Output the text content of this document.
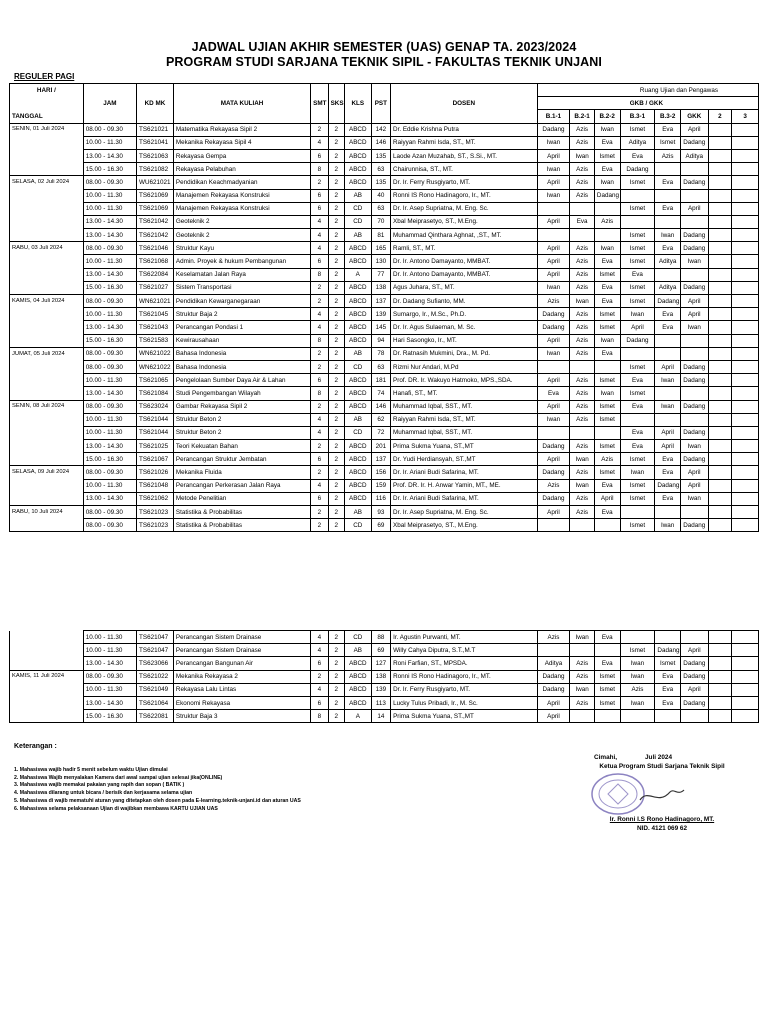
JADWAL UJIAN AKHIR SEMESTER (UAS) GENAP TA. 2023/2024
PROGRAM STUDI SARJANA TEKNIK SIPIL - FAKULTAS TEKNIK UNJANI
REGULER PAGI
HARI /	JAM	KD MK	MATA KULIAH	SMT	SKS	KLS	PST	DOSEN	Ruang Ujian dan Pengawas							
									GKB / GKK							
TANGGAL									B.1-1	B.2-1	B.2-2	B.3-1	B.3-2	GKK	2	3
SENIN, 01 Juli 2024	08.00 - 09.30	TS621021	Matematika Rekayasa Sipil 2	2	2	ABCD	142	Dr. Eddie Krishna Putra	Dadang	Azis	Iwan	Ismet	Eva	April		
	10.00 - 11.30	TS621041	Mekanika Rekayasa Sipil 4	4	2	ABCD	146	Raiyyan Rahmi Isda, ST., MT.	Iwan	Azis	Eva	Aditya	Ismet	Dadang		
	13.00 - 14.30	TS621063	Rekayasa Gempa	6	2	ABCD	135	Laode Azan Muzahab, ST., S.Si., MT.	April	Iwan	Ismet	Eva	Azis	Aditya		
	15.00 - 16.30	TS621082	Rekayasa Pelabuhan	8	2	ABCD	63	Chairunnisa, ST., MT.	Iwan	Azis	Eva	Dadang				
SELASA, 02 Juli 2024	08.00 - 09.30	WU621021	Pendidikan Keachmadyanian	2	2	ABCD	135	Dr. Ir. Ferry Rusgiyarto, MT.	April	Azis	Iwan	Ismet	Eva	Dadang		
	10.00 - 11.30	TS621069	Manajemen Rekayasa Konstruksi	6	2	AB	40	Ronni IS Rono Hadinagoro, Ir., MT.	Iwan	Azis	Dadang					
	10.00 - 11.30	TS621069	Manajemen Rekayasa Konstruksi	6	2	CD	63	Dr. Ir. Asep Supriatna, M. Eng. Sc.				Ismet	Eva	April		
	13.00 - 14.30	TS621042	Geoteknik 2	4	2	CD	70	Xbal Meiprasetyo, ST., M.Eng.	April	Eva	Azis					
	13.00 - 14.30	TS621042	Geoteknik 2	4	2	AB	81	Muhammad Qinthara Aghnat, ,ST., MT.				Ismet	Iwan	Dadang		
RABU, 03 Juli 2024	08.00 - 09.30	TS621046	Struktur Kayu	4	2	ABCD	165	Ramli, ST., MT.	April	Azis	Iwan	Ismet	Eva	Dadang		
	10.00 - 11.30	TS621068	Admin. Proyek & hukum Pembangunan	6	2	ABCD	130	Dr. Ir. Antono Damayanto, MMBAT.	April	Azis	Eva	Ismet	Aditya	Iwan		
	13.00 - 14.30	TS622084	Keselamatan Jalan Raya	8	2	A	77	Dr. Ir. Antono Damayanto, MMBAT.	April	Azis	Ismet	Eva				
	15.00 - 16.30	TS621027	Sistem Transportasi	2	2	ABCD	138	Agus Juhara, ST., MT.	Iwan	Azis	Eva	Ismet	Aditya	Dadang		
KAMIS, 04 Juli 2024	08.00 - 09.30	WN621021	Pendidikan Kewarganegaraan	2	2	ABCD	137	Dr. Dadang Sufianto, MM.	Azis	Iwan	Eva	Ismet	Dadang	April		
	10.00 - 11.30	TS621045	Struktur Baja 2	4	2	ABCD	139	Sumargo, Ir., M.Sc., Ph.D.	Dadang	Azis	Ismet	Iwan	Eva	April		
	13.00 - 14.30	TS621043	Perancangan Pondasi 1	4	2	ABCD	145	Dr. Ir. Agus Sulaeman, M. Sc.	Dadang	Azis	Ismet	April	Eva	Iwan		
	15.00 - 16.30	TS621583	Kewirausahaan	8	2	ABCD	94	Hari Sasongko, Ir., MT.	April	Azis	Iwan	Dadang				
JUMAT, 05 Juli 2024	08.00 - 09.30	WN621022	Bahasa Indonesia	2	2	AB	78	Dr. Ratnasih Mukmini, Dra., M. Pd.	Iwan	Azis	Eva					
	08.00 - 09.30	WN621022	Bahasa Indonesia	2	2	CD	63	Rizmi Nur Andari, M.Pd				Ismet	April	Dadang		
	10.00 - 11.30	TS621065	Pengelolaan Sumber Daya Air & Lahan	6	2	ABCD	181	Prof. DR. Ir. Wakuyo Hatmoko, MPS.,SDA.	April	Azis	Ismet	Eva	Iwan	Dadang		
	13.00 - 14.30	TS621084	Studi Pengembangan Wilayah	8	2	ABCD	74	Hanafi, ST., MT.	Eva	Azis	Iwan	Ismet				
SENIN, 08 Juli 2024	08.00 - 09.30	TS623024	Gambar Rekayasa Sipil 2	2	2	ABCD	146	Muhammad Iqbal, SST., MT.	April	Azis	Ismet	Eva	Iwan	Dadang		
	10.00 - 11.30	TS621044	Struktur Beton 2	4	2	AB	62	Raiyyan Rahmi Isda, ST., MT.	Iwan	Azis	Ismet					
	10.00 - 11.30	TS621044	Struktur Beton 2	4	2	CD	72	Muhammad Iqbal, SST., MT.				Eva	April	Dadang		
	13.00 - 14.30	TS621025	Teori Kekuatan Bahan	2	2	ABCD	201	Prima Sukma Yuana, ST.,MT	Dadang	Azis	Ismet	Eva	April	Iwan		
	15.00 - 16.30	TS621067	Perancangan Struktur Jembatan	6	2	ABCD	137	Dr. Yudi Herdiansyah, ST.,MT	April	Iwan	Azis	Ismet	Eva	Dadang		
SELASA, 09 Juli 2024	08.00 - 09.30	TS621026	Mekanika Fluida	2	2	ABCD	156	Dr. Ir. Ariani Budi Safarina, MT.	Dadang	Azis	Ismet	Iwan	Eva	April		
	10.00 - 11.30	TS621048	Perancangan Perkerasan Jalan Raya	4	2	ABCD	159	Prof. DR. Ir. H. Anwar Yamin, MT., ME.	Azis	Iwan	Eva	Ismet	Dadang	April		
	13.00 - 14.30	TS621062	Metode Penelitian	6	2	ABCD	116	Dr. Ir. Ariani Budi Safarina, MT.	Dadang	Azis	April	Ismet	Eva	Iwan		
RABU, 10 Juli 2024	08.00 - 09.30	TS621023	Statistika & Probabilitas	2	2	AB	93	Dr. Ir. Asep Supriatna, M. Eng. Sc.	April	Azis	Eva					
	08.00 - 09.30	TS621023	Statistika & Probabilitas	2	2	CD	69	Xbal Meiprasetyo, ST., M.Eng.				Ismet	Iwan	Dadang		
	10.00 - 11.30	TS621047	Perancangan Sistem Drainase	4	2	CD	88	Ir. Agustin Purwanti, MT.	Azis	Iwan	Eva					
	10.00 - 11.30	TS621047	Perancangan Sistem Drainase	4	2	AB	69	Willy Cahya Diputra, S.T.,M.T				Ismet	Dadang	April		
	13.00 - 14.30	TS623066	Perancangan Bangunan Air	6	2	ABCD	127	Roni Farfian, ST., MPSDA.	Aditya	Azis	Eva	Iwan	Ismet	Dadang		
KAMIS, 11 Juli 2024	08.00 - 09.30	TS621022	Mekanika Rekayasa 2	2	2	ABCD	138	Ronni IS Rono Hadinagoro, Ir., MT.	Dadang	Azis	Ismet	Iwan	Eva	Dadang		
	10.00 - 11.30	TS621049	Rekayasa Lalu Lintas	4	2	ABCD	139	Dr. Ir. Ferry Rusgiyarto, MT.	Dadang	Iwan	Ismet	Azis	Eva	April		
	13.00 - 14.30	TS621064	Ekonomi Rekayasa	6	2	ABCD	113	Lucky Tulus Pribadi, Ir., M. Sc.	April	Azis	Ismet	Iwan	Eva	Dadang		
	15.00 - 16.30	TS622081	Struktur Baja 3	8	2	A	14	Prima Sukma Yuana, ST.,MT	April							
Keterangan :
1. Mahasiswa wajib hadir 5 menit sebelum waktu Ujian dimulai
2. Mahasiswa Wajib menyalakan Kamera dari awal sampai ujian selesai jika(ONLINE)
3. Mahasiswa wajib memakai pakaian yang rapih dan sopan ( BATIK )
4. Mahasiswa dilarang untuk bicara / berisik dan kerjasama selama ujian
5. Mahasiswa di wajib mematuhi aturan yang ditetapkan oleh dosen pada E-learning.teknik-unjani.id dan aturan UAS
6. Mahasiswa selama pelaksanaan Ujian di wajibkan membawa KARTU UJIAN UAS
Cimahi,	Juli 2024
Ketua Program Studi Sarjana Teknik Sipil
Ir. Ronni I.S Rono Hadinagoro, MT.
NID. 4121 069 62
